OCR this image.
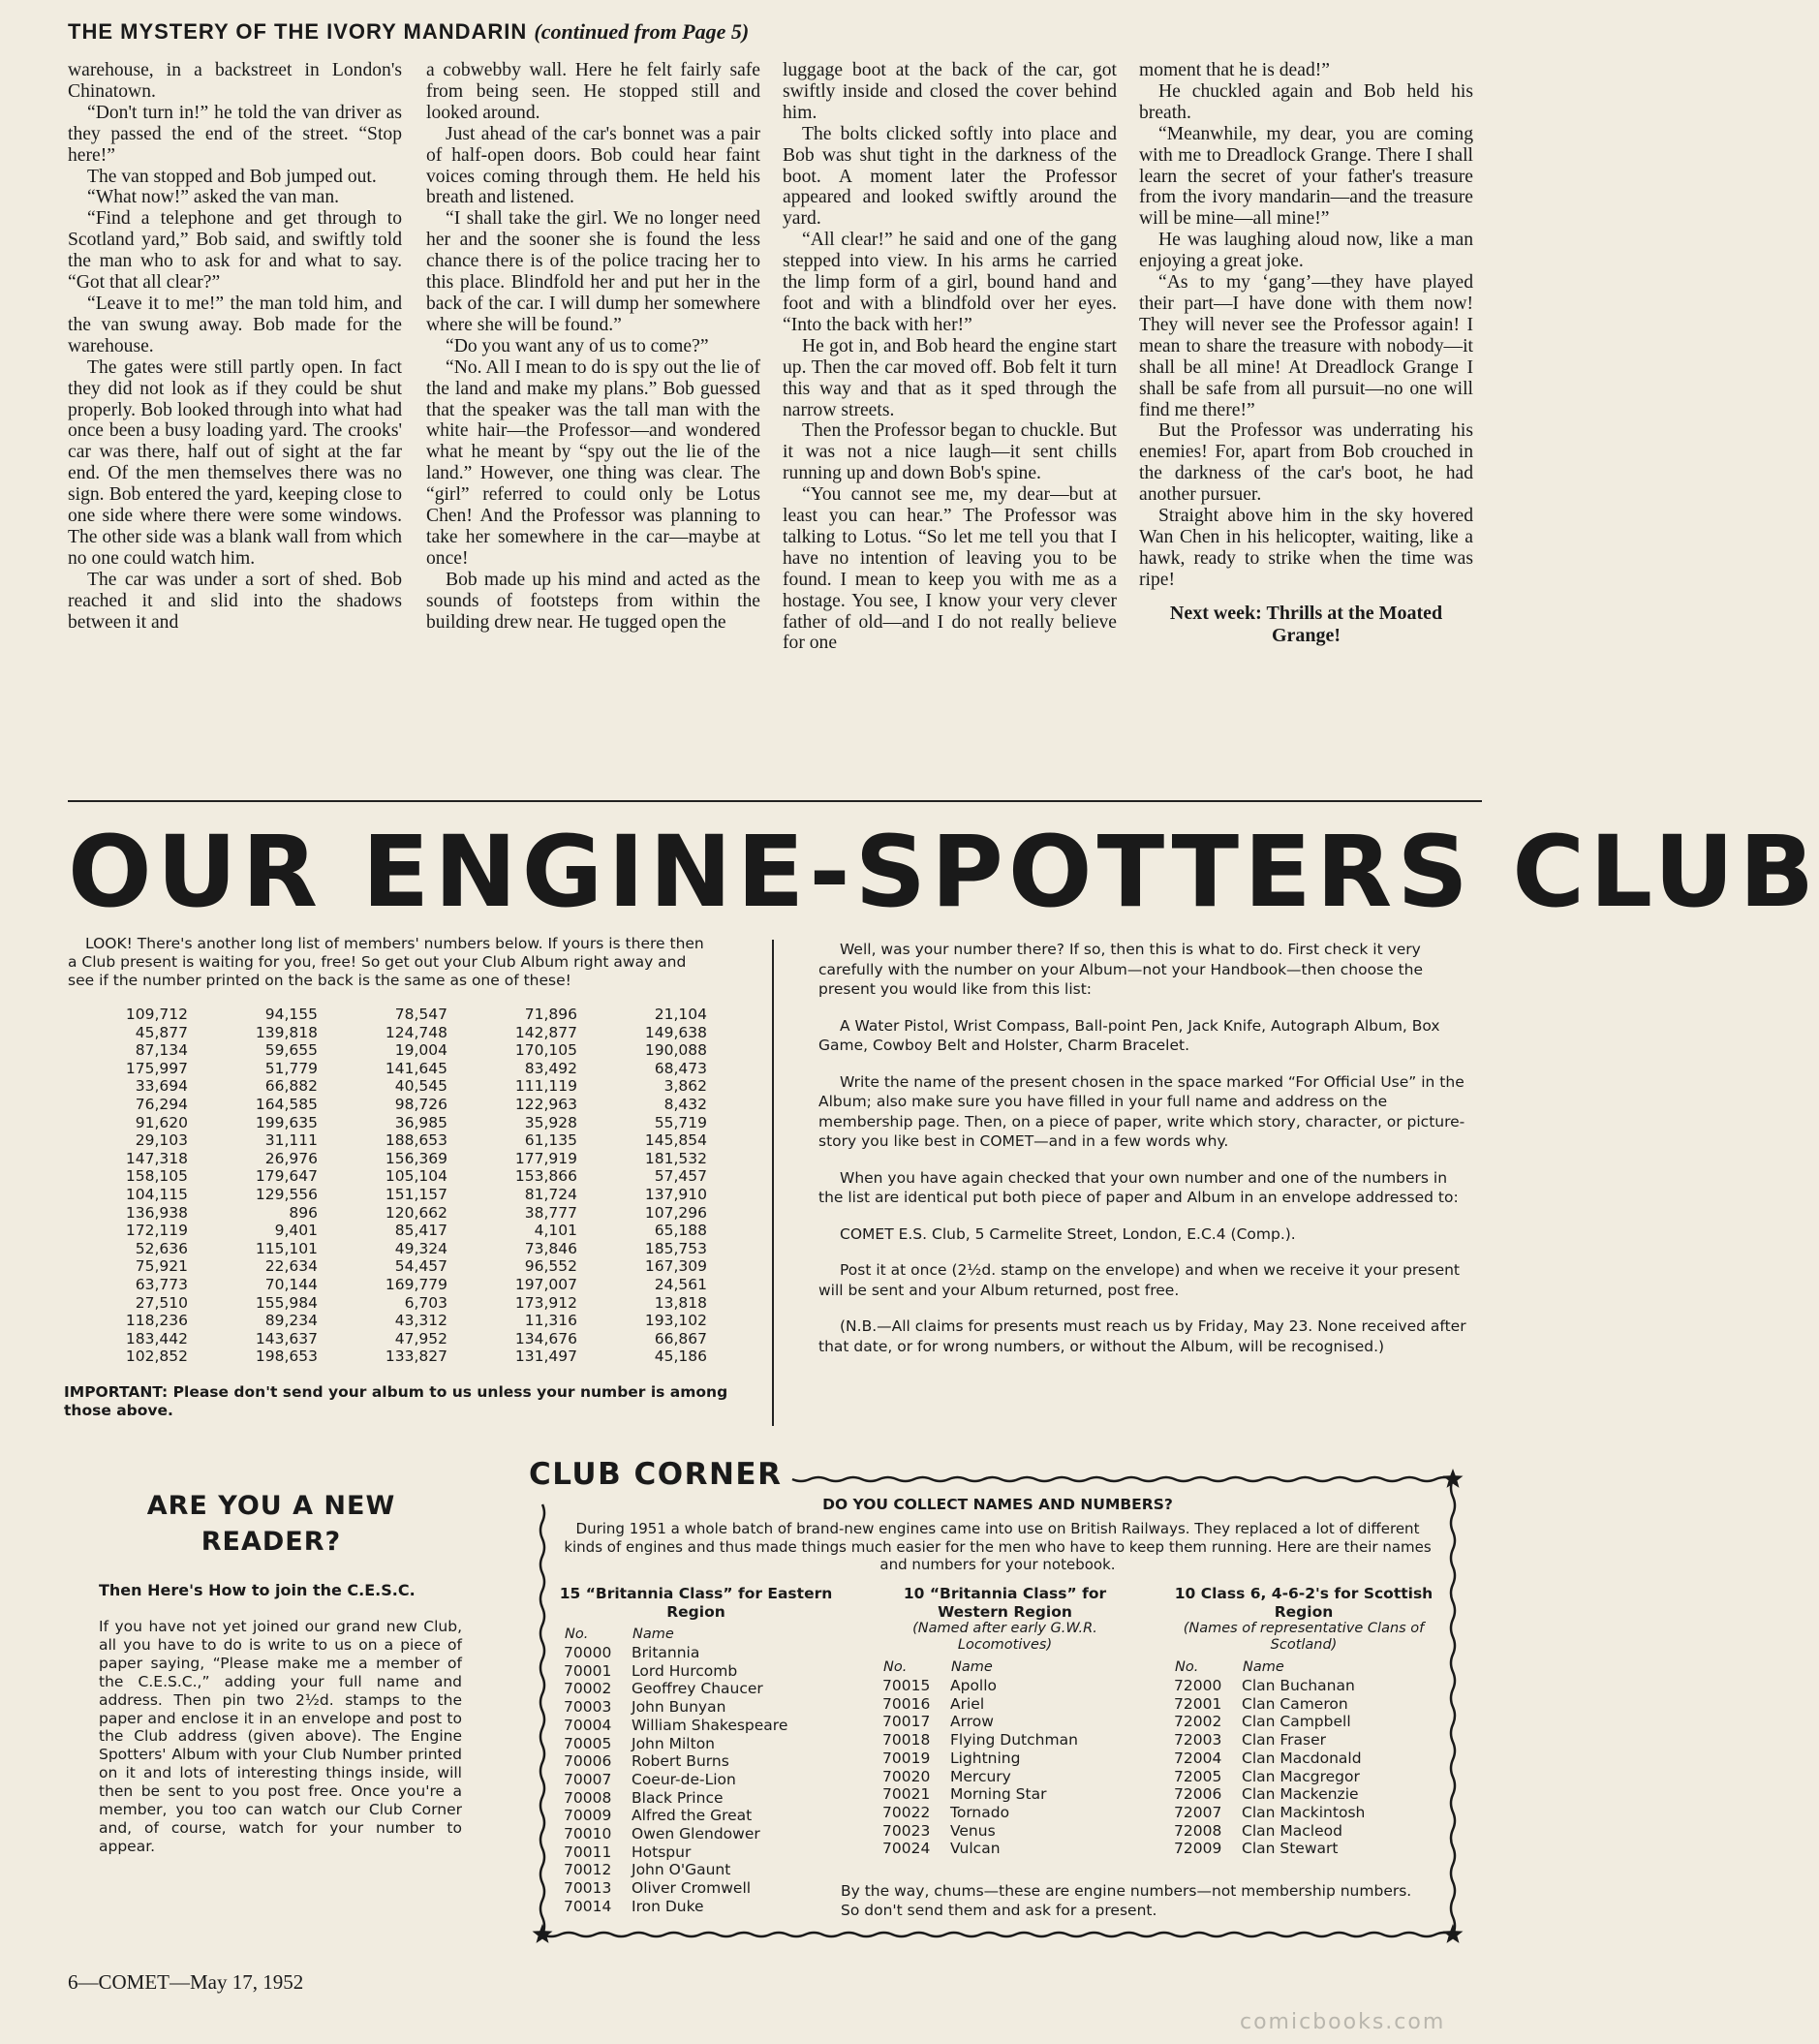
THE MYSTERY OF THE IVORY MANDARIN (continued from Page 5)

warehouse, in a backstreet in London's Chinatown.

“Don't turn in!” he told the van driver as they passed the end of the street. “Stop here!”

The van stopped and Bob jumped out.

“What now!” asked the van man.

“Find a telephone and get through to Scotland yard,” Bob said, and swiftly told the man who to ask for and what to say. “Got that all clear?”

“Leave it to me!” the man told him, and the van swung away. Bob made for the warehouse.

The gates were still partly open. In fact they did not look as if they could be shut properly. Bob looked through into what had once been a busy loading yard. The crooks' car was there, half out of sight at the far end. Of the men themselves there was no sign. Bob entered the yard, keeping close to one side where there were some windows. The other side was a blank wall from which no one could watch him.

The car was under a sort of shed. Bob reached it and slid into the shadows between it and

a cobwebby wall. Here he felt fairly safe from being seen. He stopped still and looked around.

Just ahead of the car's bonnet was a pair of half-open doors. Bob could hear faint voices coming through them. He held his breath and listened.

“I shall take the girl. We no longer need her and the sooner she is found the less chance there is of the police tracing her to this place. Blindfold her and put her in the back of the car. I will dump her somewhere where she will be found.”

“Do you want any of us to come?”

“No. All I mean to do is spy out the lie of the land and make my plans.” Bob guessed that the speaker was the tall man with the white hair—the Professor—and wondered what he meant by “spy out the lie of the land.” However, one thing was clear. The “girl” referred to could only be Lotus Chen! And the Professor was planning to take her somewhere in the car—maybe at once!

Bob made up his mind and acted as the sounds of footsteps from within the building drew near. He tugged open the

luggage boot at the back of the car, got swiftly inside and closed the cover behind him.

The bolts clicked softly into place and Bob was shut tight in the darkness of the boot. A moment later the Professor appeared and looked swiftly around the yard.

“All clear!” he said and one of the gang stepped into view. In his arms he carried the limp form of a girl, bound hand and foot and with a blindfold over her eyes. “Into the back with her!”

He got in, and Bob heard the engine start up. Then the car moved off. Bob felt it turn this way and that as it sped through the narrow streets.

Then the Professor began to chuckle. But it was not a nice laugh—it sent chills running up and down Bob's spine.

“You cannot see me, my dear—but at least you can hear.” The Professor was talking to Lotus. “So let me tell you that I have no intention of leaving you to be found. I mean to keep you with me as a hostage. You see, I know your very clever father of old—and I do not really believe for one

moment that he is dead!”

He chuckled again and Bob held his breath.

“Meanwhile, my dear, you are coming with me to Dreadlock Grange. There I shall learn the secret of your father's treasure from the ivory mandarin—and the treasure will be mine—all mine!”

He was laughing aloud now, like a man enjoying a great joke.

“As to my ‘gang’—they have played their part—I have done with them now! They will never see the Professor again! I mean to share the treasure with nobody—it shall be all mine! At Dreadlock Grange I shall be safe from all pursuit—no one will find me there!”

But the Professor was underrating his enemies! For, apart from Bob crouched in the darkness of the car's boot, he had another pursuer.

Straight above him in the sky hovered Wan Chen in his helicopter, waiting, like a hawk, ready to strike when the time was ripe!

Next week: Thrills at the Moated Grange!

OUR ENGINE-SPOTTERS CLUB
LOOK! There's another long list of members' numbers below. If yours is there then a Club present is waiting for you, free! So get out your Club Album right away and see if the number printed on the back is the same as one of these!
109,712	94,155	78,547	71,896	21,104
45,877	139,818	124,748	142,877	149,638
87,134	59,655	19,004	170,105	190,088
175,997	51,779	141,645	83,492	68,473
33,694	66,882	40,545	111,119	3,862
76,294	164,585	98,726	122,963	8,432
91,620	199,635	36,985	35,928	55,719
29,103	31,111	188,653	61,135	145,854
147,318	26,976	156,369	177,919	181,532
158,105	179,647	105,104	153,866	57,457
104,115	129,556	151,157	81,724	137,910
136,938	896	120,662	38,777	107,296
172,119	9,401	85,417	4,101	65,188
52,636	115,101	49,324	73,846	185,753
75,921	22,634	54,457	96,552	167,309
63,773	70,144	169,779	197,007	24,561
27,510	155,984	6,703	173,912	13,818
118,236	89,234	43,312	11,316	193,102
183,442	143,637	47,952	134,676	66,867
102,852	198,653	133,827	131,497	45,186
IMPORTANT: Please don't send your album to us unless your number is among those above.

Well, was your number there? If so, then this is what to do. First check it very carefully with the number on your Album—not your Handbook—then choose the present you would like from this list:

A Water Pistol, Wrist Compass, Ball-point Pen, Jack Knife, Autograph Album, Box Game, Cowboy Belt and Holster, Charm Bracelet.

Write the name of the present chosen in the space marked “For Official Use” in the Album; also make sure you have filled in your full name and address on the membership page. Then, on a piece of paper, write which story, character, or picture-story you like best in COMET—and in a few words why.

When you have again checked that your own number and one of the numbers in the list are identical put both piece of paper and Album in an envelope addressed to:

COMET E.S. Club, 5 Carmelite Street, London, E.C.4 (Comp.).

Post it at once (2½d. stamp on the envelope) and when we receive it your present will be sent and your Album returned, post free.

(N.B.—All claims for presents must reach us by Friday, May 23. None received after that date, or for wrong numbers, or without the Album, will be recognised.)

ARE YOU A NEW READER?
Then Here's How to join the C.E.S.C.
If you have not yet joined our grand new Club, all you have to do is write to us on a piece of paper saying, “Please make me a member of the C.E.S.C.,” adding your full name and address. Then pin two 2½d. stamps to the paper and enclose it in an envelope and post to the Club address (given above). The Engine Spotters' Album with your Club Number printed on it and lots of interesting things inside, will then be sent to you post free. Once you're a member, you too can watch our Club Corner and, of course, watch for your number to appear.
CLUB CORNER
DO YOU COLLECT NAMES AND NUMBERS?
During 1951 a whole batch of brand-new engines came into use on British Railways. They replaced a lot of different kinds of engines and thus made things much easier for the men who have to keep them running. Here are their names and numbers for your notebook.
15 “Britannia Class” for Eastern Region
No.	Name
70000	Britannia
70001	Lord Hurcomb
70002	Geoffrey Chaucer
70003	John Bunyan
70004	William Shakespeare
70005	John Milton
70006	Robert Burns
70007	Coeur-de-Lion
70008	Black Prince
70009	Alfred the Great
70010	Owen Glendower
70011	Hotspur
70012	John O'Gaunt
70013	Oliver Cromwell
70014	Iron Duke
10 “Britannia Class” for Western Region
(Named after early G.W.R. Locomotives)
No.	Name
70015	Apollo
70016	Ariel
70017	Arrow
70018	Flying Dutchman
70019	Lightning
70020	Mercury
70021	Morning Star
70022	Tornado
70023	Venus
70024	Vulcan
10 Class 6, 4-6-2's for Scottish Region
(Names of representative Clans of Scotland)
No.	Name
72000	Clan Buchanan
72001	Clan Cameron
72002	Clan Campbell
72003	Clan Fraser
72004	Clan Macdonald
72005	Clan Macgregor
72006	Clan Mackenzie
72007	Clan Mackintosh
72008	Clan Macleod
72009	Clan Stewart
By the way, chums—these are engine numbers—not membership numbers. So don't send them and ask for a present.
6—COMET—May 17, 1952
comicbooks.com
